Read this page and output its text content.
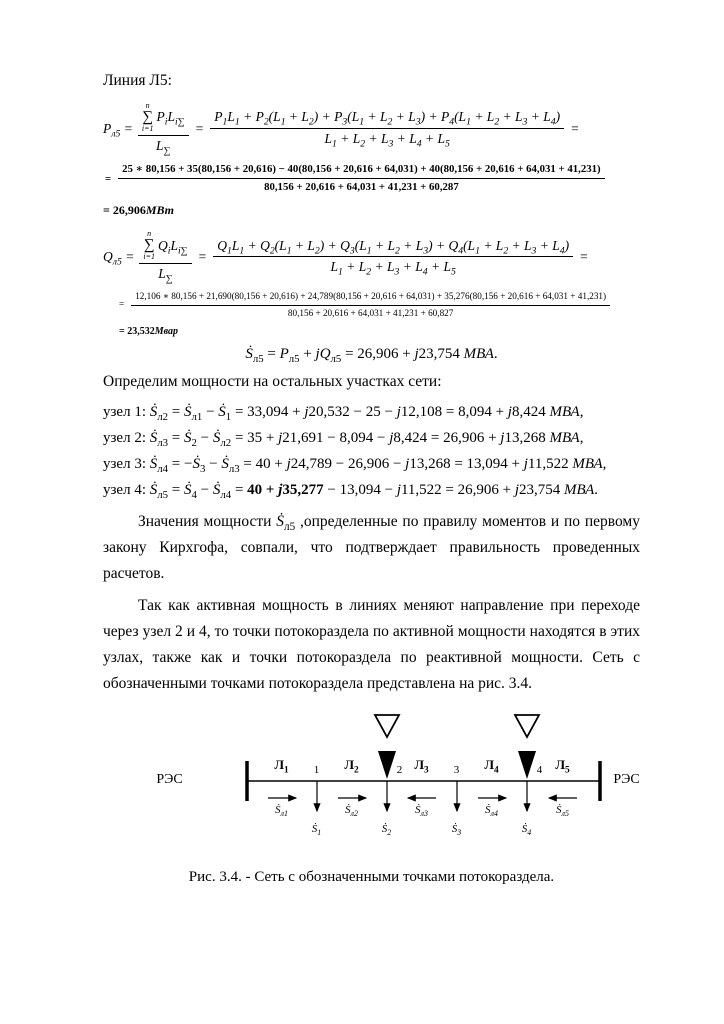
Линия Л5:
$P_{л5} = n$
∑
i=1
$P_iL_{i\sum}$
$L_\sum$ =
$P_1L_1 + P_2(L_1 + L_2) + P_3(L_1 + L_2 + L_3) + P_4(L_1 + L_2 + L_3 + L_4)$
$L_1 + L_2 + L_3 + L_4 + L_5$
=
=
25 ∗ 80,156 + 35(80,156 + 20,616) − 40(80,156 + 20,616 + 64,031) + 40(80,156 + 20,616 + 64,031 + 41,231)
80,156 + 20,616 + 64,031 + 41,231 + 60,287
= 26,906 МВт
$Q_{л5} = n$
∑
i=1
$Q_iL_{i\sum}$
$L_\sum$ =
$Q_1L_1 + Q_2(L_1 + L_2) + Q_3(L_1 + L_2 + L_3) + Q_4(L_1 + L_2 + L_3 + L_4)$
$L_1 + L_2 + L_3 + L_4 + L_5$
=
=
12,106 ∗ 80,156 + 21,690(80,156 + 20,616) + 24,789(80,156 + 20,616 + 64,031) + 35,276(80,156 + 20,616 + 64,031 + 41,231)
80,156 + 20,616 + 64,031 + 41,231 + 60,827
= 23,532 Мвар
Ṡ$_{л5}$ = $P_{л5} + jQ_{л5} = 26,906 + j23,754$ МВА.
Определим мощности на остальных участках сети:
узел 1: Ṡ$_{л2}$ = Ṡ$_{л1}$ − Ṡ$_1$ = 33,094 + j20,532 − 25 − j12,108 = 8,094 + j8,424 МВА,
узел 2: Ṡ$_{л3}$ = Ṡ$_2$ − Ṡ$_{л2}$ = 35 + j21,691 − 8,094 − j8,424 = 26,906 + j13,268 МВА,
узел 3: Ṡ$_{л4}$ = −Ṡ$_3$ − Ṡ$_{л3}$ = 40 + j24,789 − 26,906 − j13,268 = 13,094 + j11,522 МВА,
узел 4: Ṡ$_{л5}$ = Ṡ$_4$ − Ṡ$_{л4}$ = 40 + j35,277 − 13,094 − j11,522 = 26,906 + j23,754 МВА.

Значения мощности Ṡ$_{л5}$ ,определенные по правилу моментов и по первому закону Кирхгофа, совпали, что подтверждает правильность проведенных расчетов.

Так как активная мощность в линиях меняют направление при переходе через узел 2 и 4, то точки потокораздела по активной мощности находятся в этих узлах, также как и точки потокораздела по реактивной мощности. Сеть с обозначенными точками потокораздела представлена на рис. 3.4.

РЭС	РЭС
$Л_1$	$Л_2$	$Л_3$	$Л_4$	$Л_5$
1	2	3	4
Ṡ$_{л1}$	Ṡ$_{л2}$	Ṡ$_{л3}$	Ṡ$_{л4}$	Ṡ$_{л5}$
Ṡ$_1$	Ṡ$_2$	Ṡ$_3$	Ṡ$_4$

Рис. 3.4. - Сеть с обозначенными точками потокораздела.
